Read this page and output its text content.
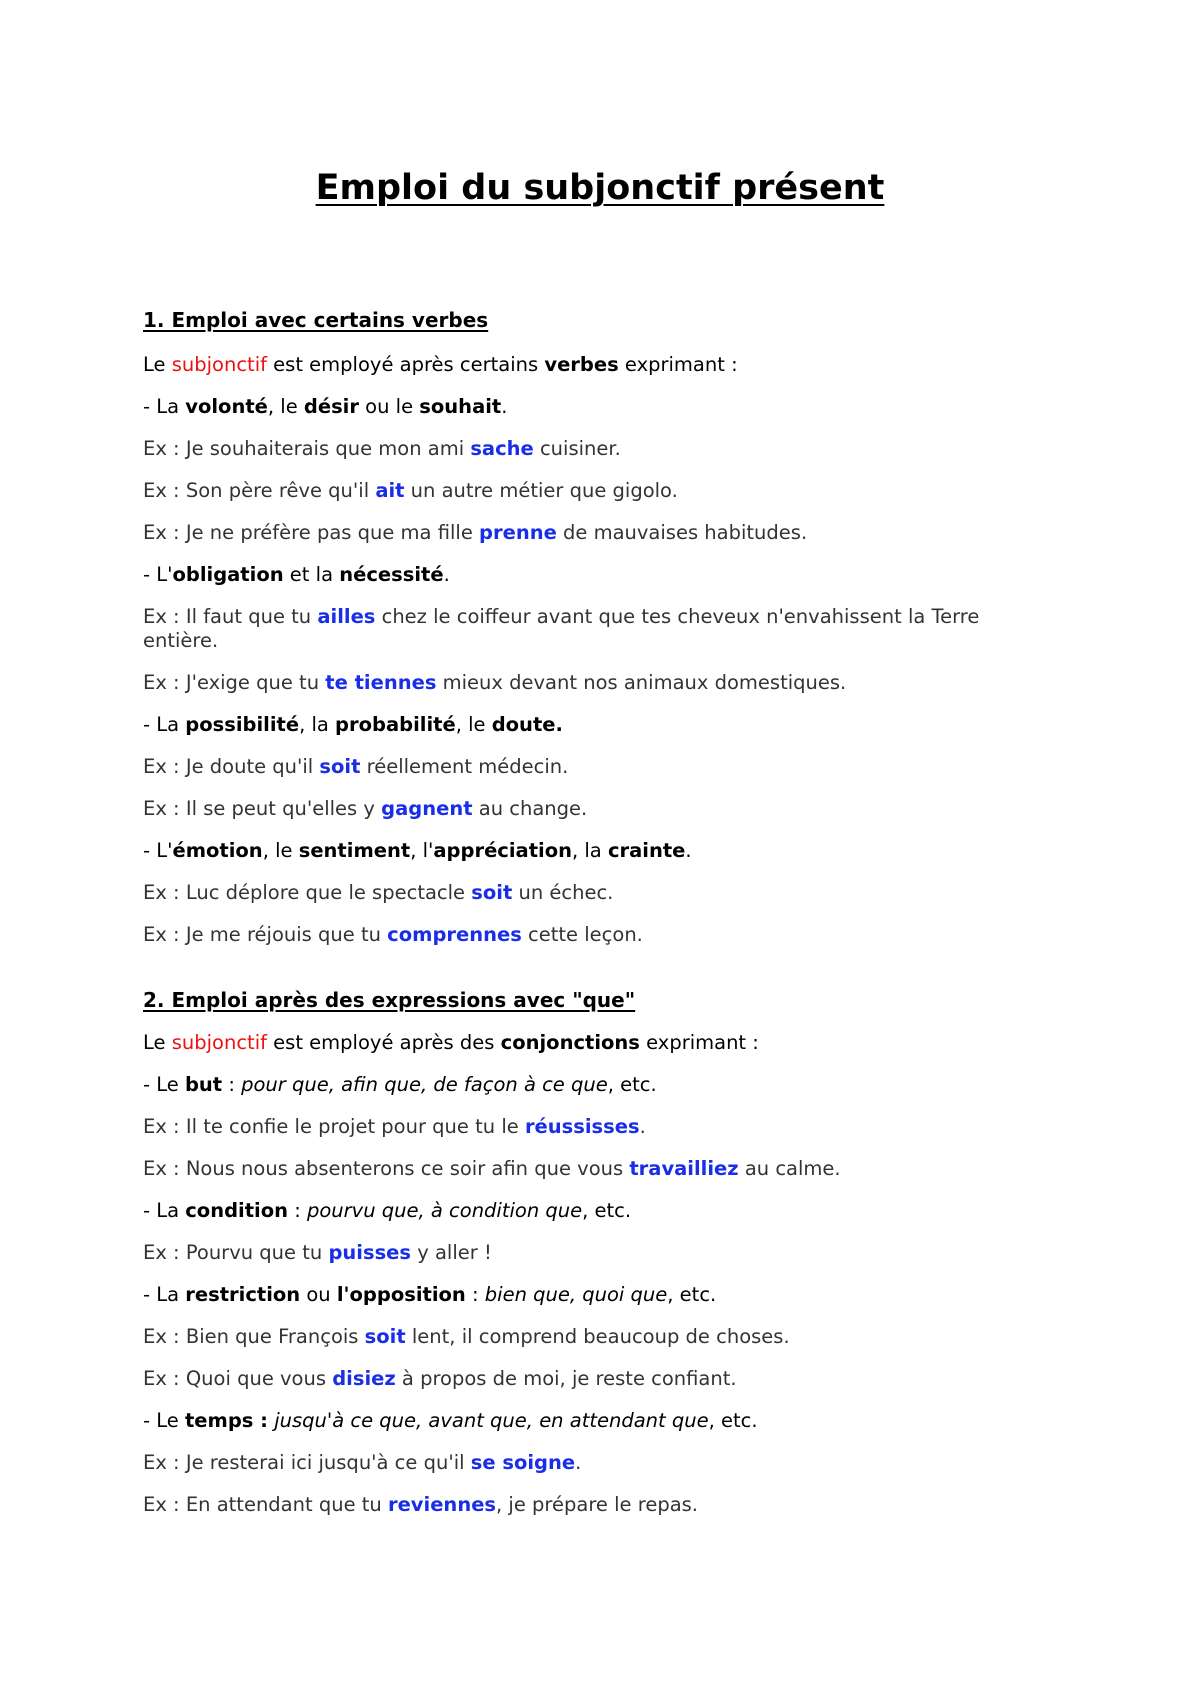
Emploi du subjonctif présent

1. Emploi avec certains verbes

Le subjonctif est employé après certains verbes exprimant :

- La volonté, le désir ou le souhait.

Ex : Je souhaiterais que mon ami sache cuisiner.

Ex : Son père rêve qu'il ait un autre métier que gigolo.

Ex : Je ne préfère pas que ma fille prenne de mauvaises habitudes.

- L'obligation et la nécessité.

Ex : Il faut que tu ailles chez le coiffeur avant que tes cheveux n'envahissent la Terre

entière.

Ex : J'exige que tu te tiennes mieux devant nos animaux domestiques.

- La possibilité, la probabilité, le doute.

Ex : Je doute qu'il soit réellement médecin.

Ex : Il se peut qu'elles y gagnent au change.

- L'émotion, le sentiment, l'appréciation, la crainte.

Ex : Luc déplore que le spectacle soit un échec.

Ex : Je me réjouis que tu comprennes cette leçon.

2. Emploi après des expressions avec "que"

Le subjonctif est employé après des conjonctions exprimant :

- Le but : pour que, afin que, de façon à ce que, etc.

Ex : Il te confie le projet pour que tu le réussisses.

Ex : Nous nous absenterons ce soir afin que vous travailliez au calme.

- La condition : pourvu que, à condition que, etc.

Ex : Pourvu que tu puisses y aller !

- La restriction ou l'opposition : bien que, quoi que, etc.

Ex : Bien que François soit lent, il comprend beaucoup de choses.

Ex : Quoi que vous disiez à propos de moi, je reste confiant.

- Le temps : jusqu'à ce que, avant que, en attendant que, etc.

Ex : Je resterai ici jusqu'à ce qu'il se soigne.

Ex : En attendant que tu reviennes, je prépare le repas.
